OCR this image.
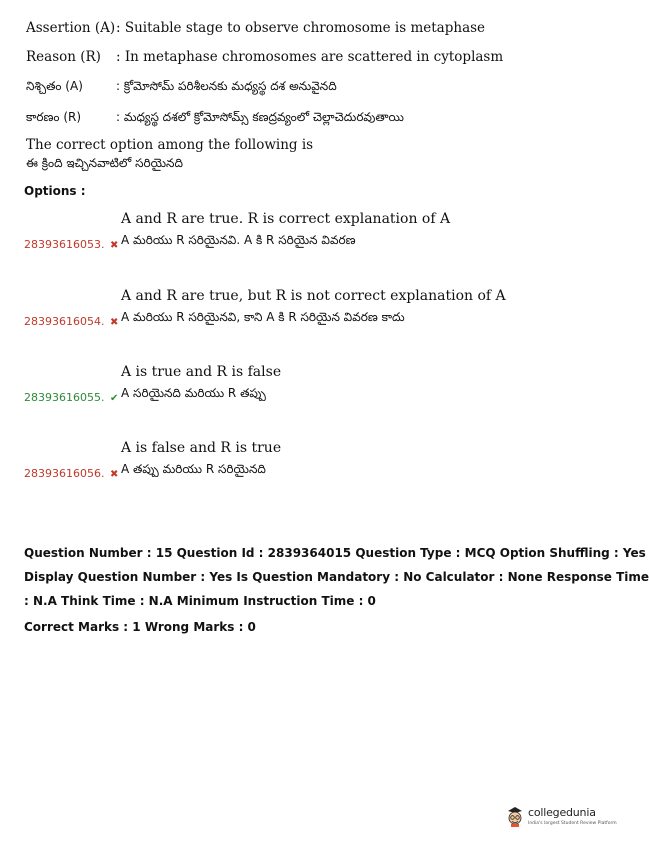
Assertion (A): Suitable stage to observe chromosome is metaphase
Reason (R) : In metaphase chromosomes are scattered in cytoplasm
నిశ్చితం (A)	: క్రోమోసోమ్ పరిశీలనకు మధ్యస్థ దశ అనువైనది
కారణం (R)	: మధ్యస్థ దశలో క్రోమోసోమ్స్ కణద్రవ్యంలో చెల్లాచెదురవుతాయి
The correct option among the following is
ఈ క్రింది ఇచ్చినవాటిలో సరియైనది
Options :
28393616053. ✖
A and R are true. R is correct explanation of A
A మరియు R సరియైనవి. A కి R సరియైన వివరణ
28393616054. ✖
A and R are true, but R is not correct explanation of A
A మరియు R సరియైనవి, కాని A కి R సరియైన వివరణ కాదు
28393616055. ✔
A is true and R is false
A సరియైనది మరియు R తప్పు
28393616056. ✖
A is false and R is true
A తప్పు మరియు R సరియైనది
Question Number : 15 Question Id : 2839364015 Question Type : MCQ Option Shuffling : Yes
Display Question Number : Yes Is Question Mandatory : No Calculator : None Response Time
: N.A Think Time : N.A Minimum Instruction Time : 0
Correct Marks : 1 Wrong Marks : 0
collegedunia
India's largest Student Review Platform
